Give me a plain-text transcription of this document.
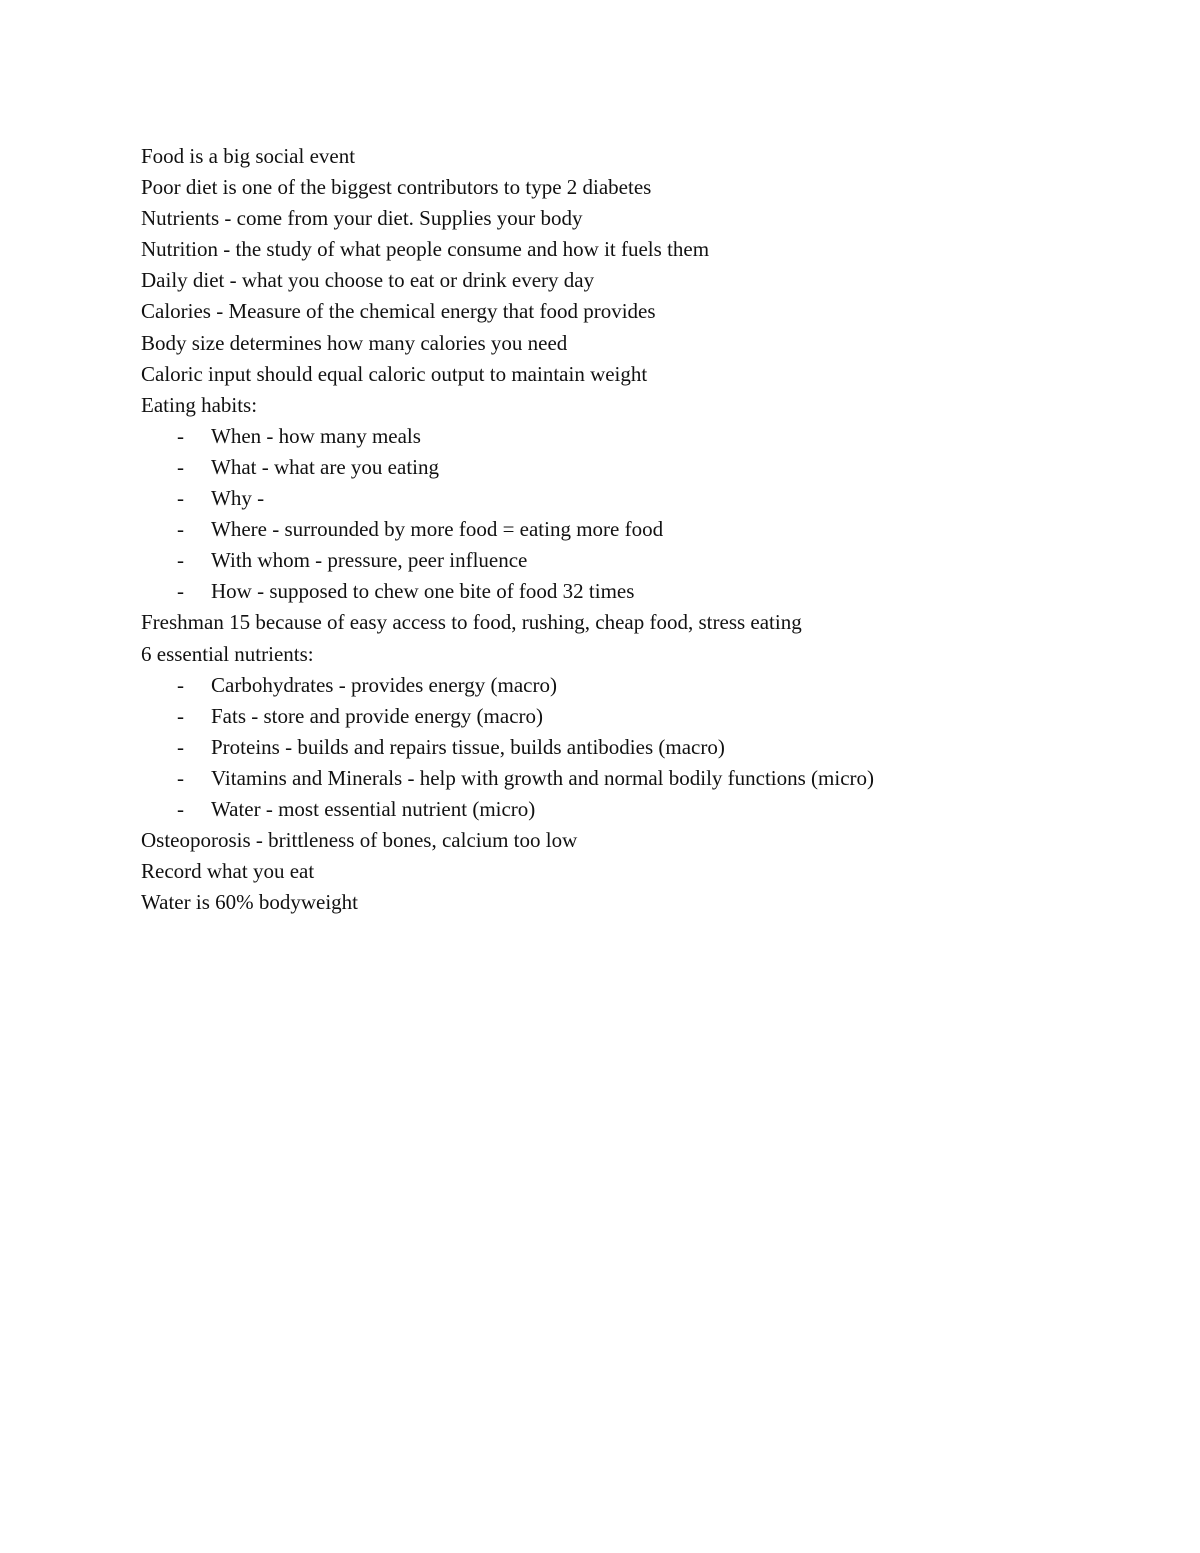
Food is a big social event

Poor diet is one of the biggest contributors to type 2 diabetes

Nutrients - come from your diet. Supplies your body

Nutrition - the study of what people consume and how it fuels them

Daily diet - what you choose to eat or drink every day

Calories - Measure of the chemical energy that food provides

Body size determines how many calories you need

Caloric input should equal caloric output to maintain weight

Eating habits:

- When - how many meals
- What - what are you eating
- Why -
- Where - surrounded by more food = eating more food
- With whom - pressure, peer influence
- How - supposed to chew one bite of food 32 times

Freshman 15 because of easy access to food, rushing, cheap food, stress eating

6 essential nutrients:

- Carbohydrates - provides energy (macro)
- Fats - store and provide energy (macro)
- Proteins - builds and repairs tissue, builds antibodies (macro)
- Vitamins and Minerals - help with growth and normal bodily functions (micro)
- Water - most essential nutrient (micro)

Osteoporosis - brittleness of bones, calcium too low

Record what you eat

Water is 60% bodyweight
